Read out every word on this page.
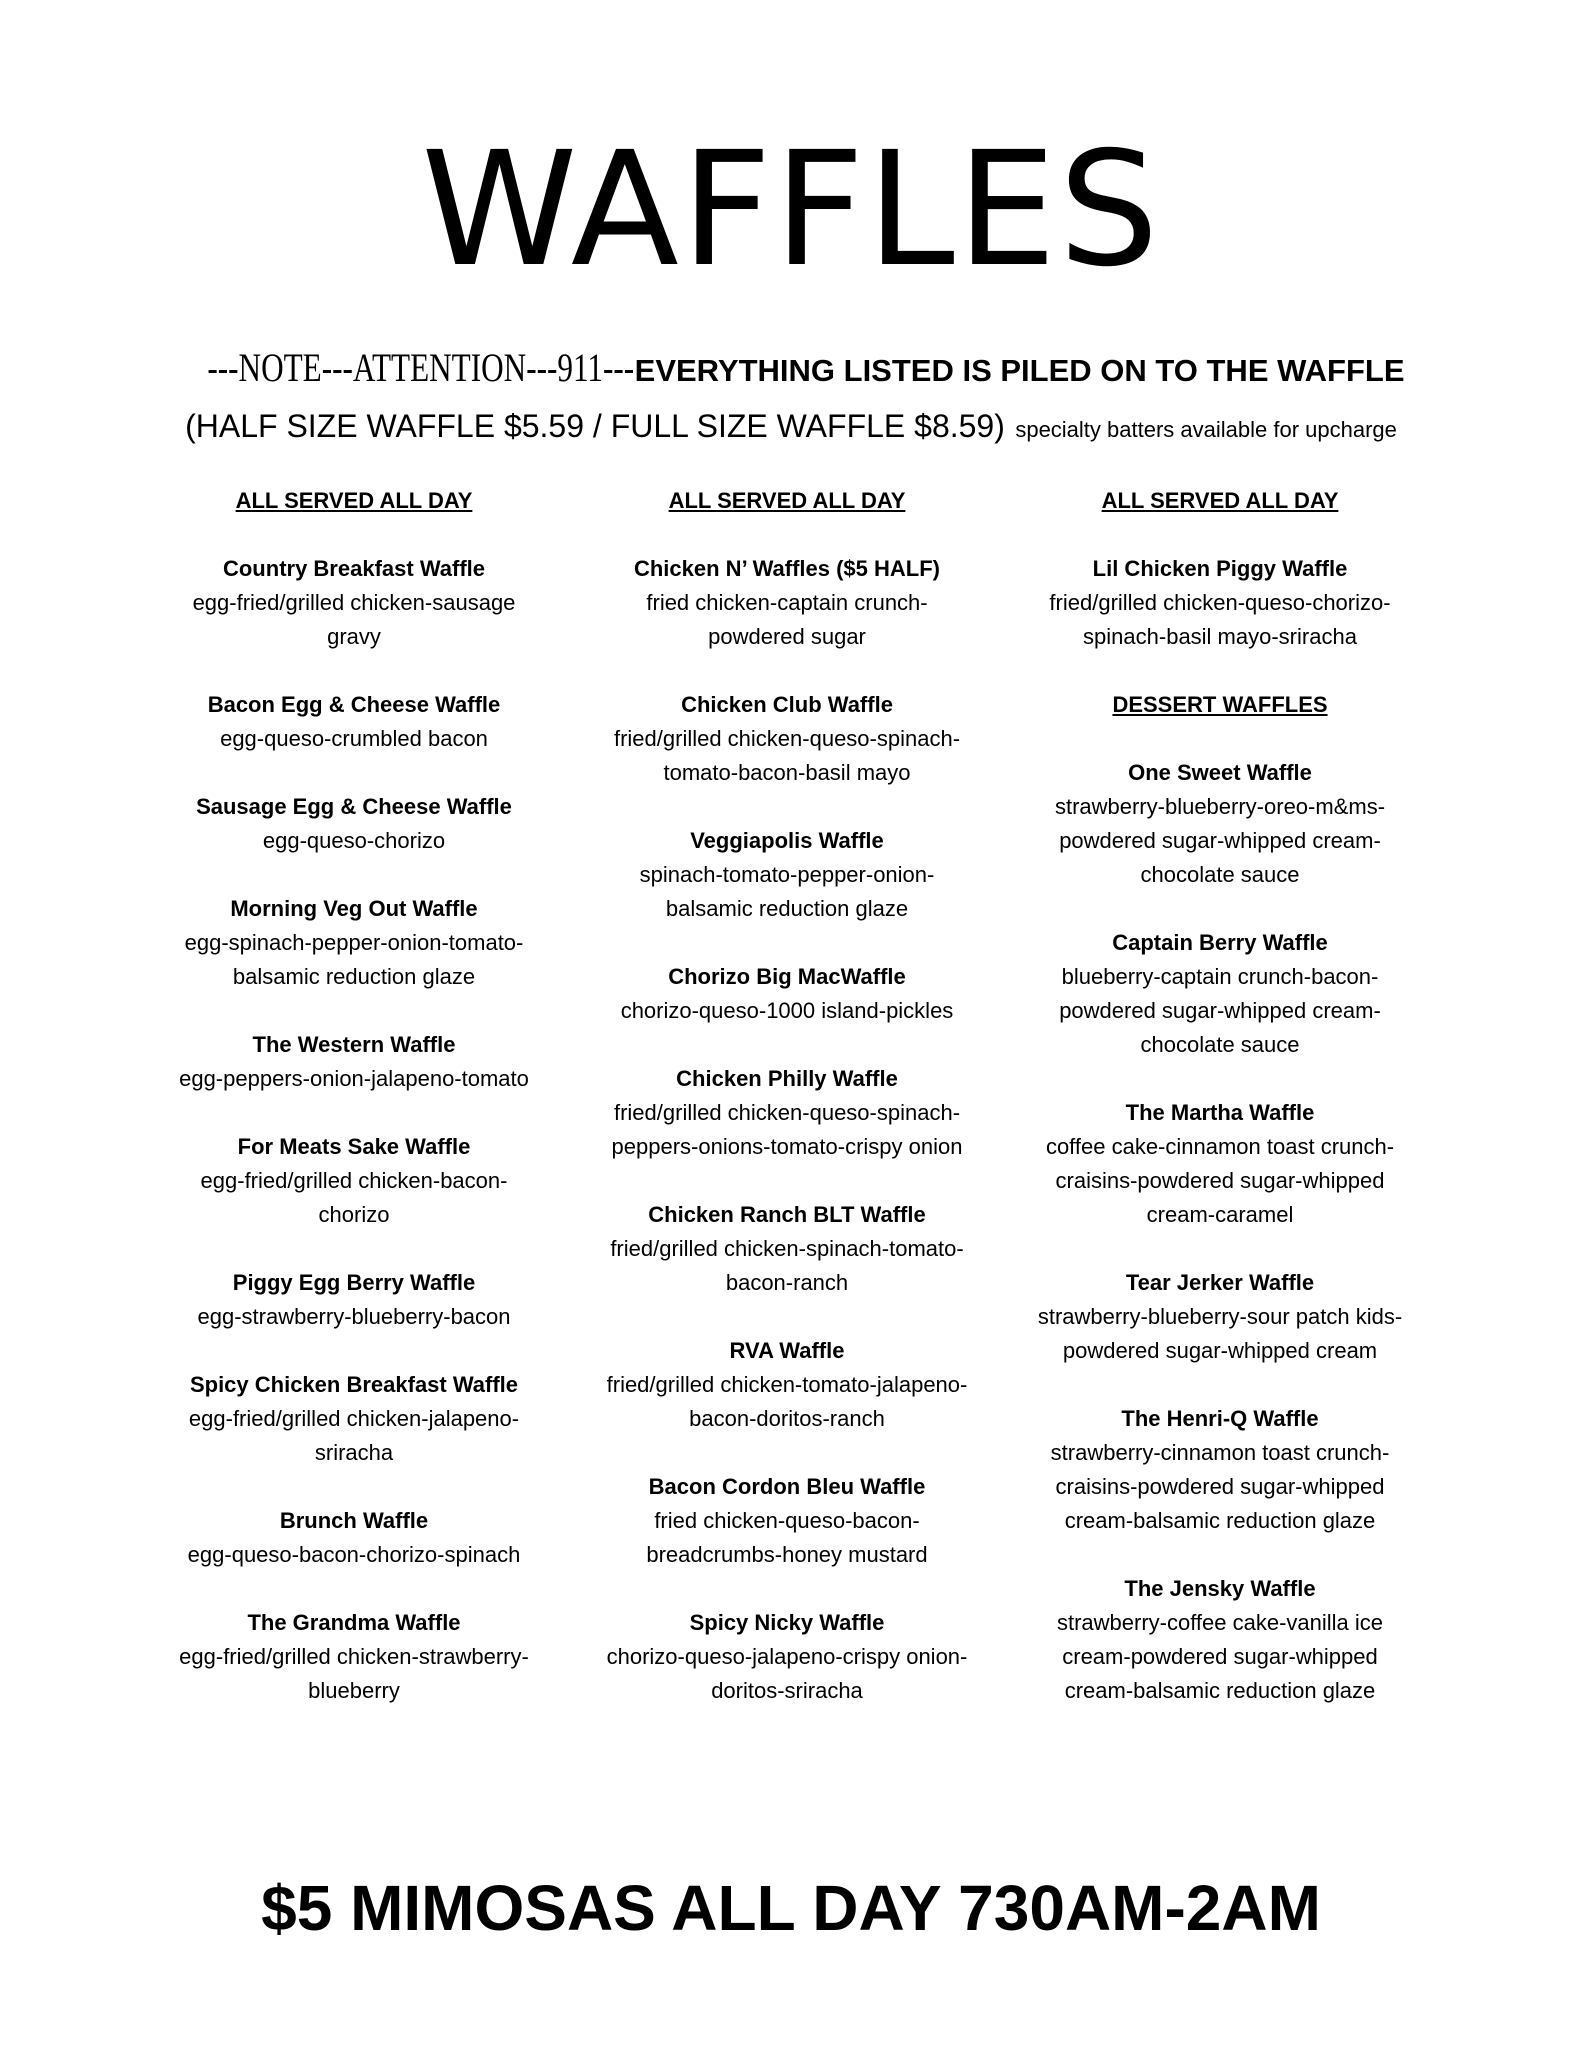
WAFFLES
---NOTE---ATTENTION---911---EVERYTHING LISTED IS PILED ON TO THE WAFFLE
(HALF SIZE WAFFLE $5.59 / FULL SIZE WAFFLE $8.59) specialty batters available for upcharge
ALL SERVED ALL DAY
Country Breakfast Waffle
egg-fried/grilled chicken-sausage gravy
Bacon Egg & Cheese Waffle
egg-queso-crumbled bacon
Sausage Egg & Cheese Waffle
egg-queso-chorizo
Morning Veg Out Waffle
egg-spinach-pepper-onion-tomato-balsamic reduction glaze
The Western Waffle
egg-peppers-onion-jalapeno-tomato
For Meats Sake Waffle
egg-fried/grilled chicken-bacon-chorizo
Piggy Egg Berry Waffle
egg-strawberry-blueberry-bacon
Spicy Chicken Breakfast Waffle
egg-fried/grilled chicken-jalapeno-sriracha
Brunch Waffle
egg-queso-bacon-chorizo-spinach
The Grandma Waffle
egg-fried/grilled chicken-strawberry-blueberry
ALL SERVED ALL DAY
Chicken N’ Waffles ($5 HALF)
fried chicken-captain crunch-powdered sugar
Chicken Club Waffle
fried/grilled chicken-queso-spinach-tomato-bacon-basil mayo
Veggiapolis Waffle
spinach-tomato-pepper-onion-balsamic reduction glaze
Chorizo Big MacWaffle
chorizo-queso-1000 island-pickles
Chicken Philly Waffle
fried/grilled chicken-queso-spinach-peppers-onions-tomato-crispy onion
Chicken Ranch BLT Waffle
fried/grilled chicken-spinach-tomato-bacon-ranch
RVA Waffle
fried/grilled chicken-tomato-jalapeno-bacon-doritos-ranch
Bacon Cordon Bleu Waffle
fried chicken-queso-bacon-breadcrumbs-honey mustard
Spicy Nicky Waffle
chorizo-queso-jalapeno-crispy onion-doritos-sriracha
ALL SERVED ALL DAY
Lil Chicken Piggy Waffle
fried/grilled chicken-queso-chorizo-spinach-basil mayo-sriracha
DESSERT WAFFLES
One Sweet Waffle
strawberry-blueberry-oreo-m&ms-powdered sugar-whipped cream-chocolate sauce
Captain Berry Waffle
blueberry-captain crunch-bacon-powdered sugar-whipped cream-chocolate sauce
The Martha Waffle
coffee cake-cinnamon toast crunch-craisins-powdered sugar-whipped cream-caramel
Tear Jerker Waffle
strawberry-blueberry-sour patch kids-powdered sugar-whipped cream
The Henri-Q Waffle
strawberry-cinnamon toast crunch-craisins-powdered sugar-whipped cream-balsamic reduction glaze
The Jensky Waffle
strawberry-coffee cake-vanilla ice cream-powdered sugar-whipped cream-balsamic reduction glaze
$5 MIMOSAS ALL DAY 730AM-2AM
